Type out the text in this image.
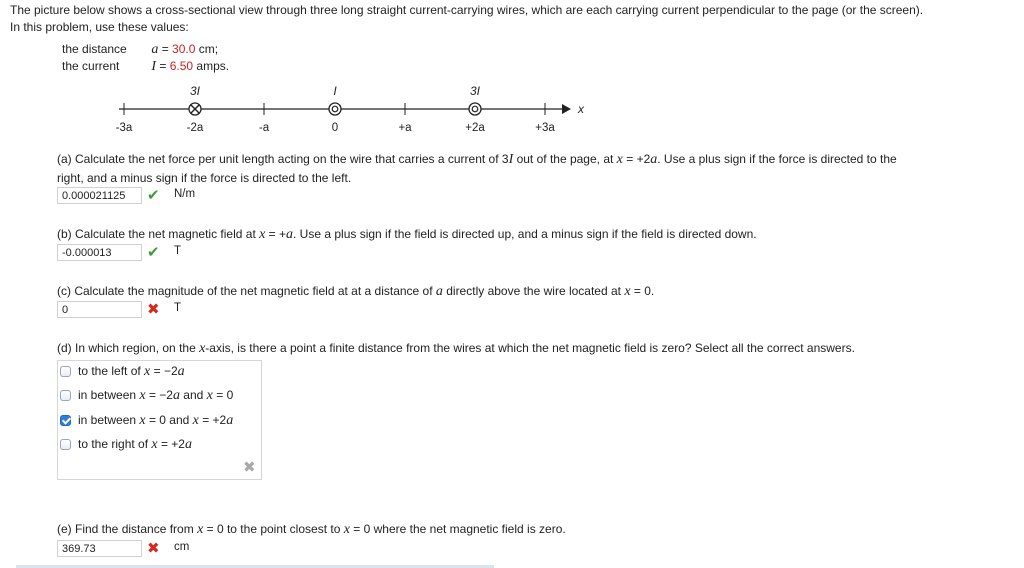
The picture below shows a cross-sectional view through three long straight current-carrying wires, which are each carrying current perpendicular to the page (or the screen).
In this problem, use these values:
the distance a = 30.0 cm;
the current I = 6.50 amps.
x
3I	I	3I
-3a	-2a	-a	0	+a	+2a	+3a
(a) Calculate the net force per unit length acting on the wire that carries a current of 3I out of the page, at x = +2a. Use a plus sign if the force is directed to the
right, and a minus sign if the force is directed to the left.
0.000021125	✔ N/m
(b) Calculate the net magnetic field at x = +a. Use a plus sign if the field is directed up, and a minus sign if the field is directed down.
-0.000013	✔ T
(c) Calculate the magnitude of the net magnetic field at at a distance of a directly above the wire located at x = 0.
0	✖ T
(d) In which region, on the x-axis, is there a point a finite distance from the wires at which the net magnetic field is zero? Select all the correct answers.
to the left of x = −2a
in between x = −2a and x = 0
in between x = 0 and x = +2a
to the right of x = +2a
✖
(e) Find the distance from x = 0 to the point closest to x = 0 where the net magnetic field is zero.
369.73	✖ cm
